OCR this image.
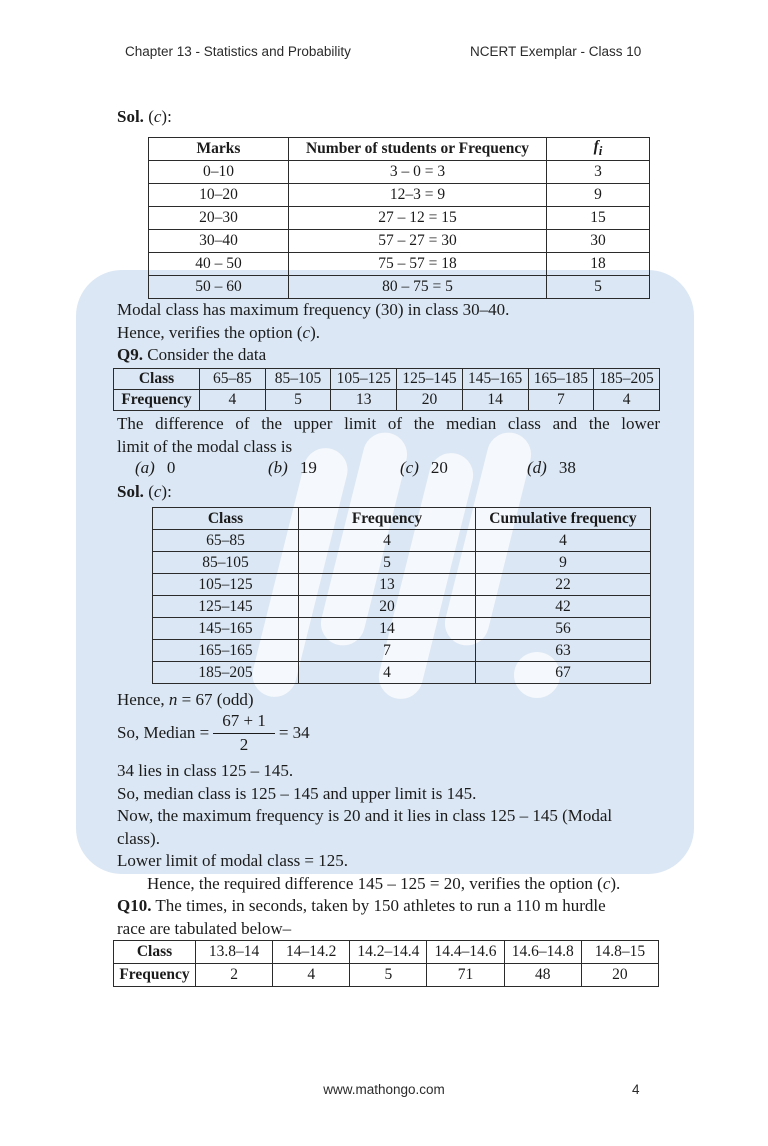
Chapter 13 - Statistics and Probability	NCERT Exemplar - Class 10
Sol. (c):
Marks	Number of students or Frequency	$f_i$
0–10	3 – 0 = 3	3
10–20	12–3 = 9	9
20–30	27 – 12 = 15	15
30–40	57 – 27 = 30	30
40 – 50	75 – 57 = 18	18
50 – 60	80 – 75 = 5	5
Modal class has maximum frequency (30) in class 30–40.
Hence, verifies the option (c).
Q9. Consider the data
Class	65–85	85–105	105–125	125–145	145–165	165–185	185–205
Frequency	4	5	13	20	14	7	4
The difference of the upper limit of the median class and the lower
limit of the modal class is
(a) 0	(b) 19	(c) 20	(d) 38
Sol. (c):
Class	Frequency	Cumulative frequency
65–85	4	4
85–105	5	9
105–125	13	22
125–145	20	42
145–165	14	56
165–165	7	63
185–205	4	67
Hence, n = 67 (odd)
So, Median = $\frac{67 + 1}{2} = 34$
34 lies in class 125 – 145.
So, median class is 125 – 145 and upper limit is 145.
Now, the maximum frequency is 20 and it lies in class 125 – 145 (Modal
class).
Lower limit of modal class = 125.
Hence, the required difference 145 – 125 = 20, verifies the option (c).
Q10. The times, in seconds, taken by 150 athletes to run a 110 m hurdle
race are tabulated below–
Class	13.8–14	14–14.2	14.2–14.4	14.4–14.6	14.6–14.8	14.8–15
Frequency	2	4	5	71	48	20
www.mathongo.com	4
